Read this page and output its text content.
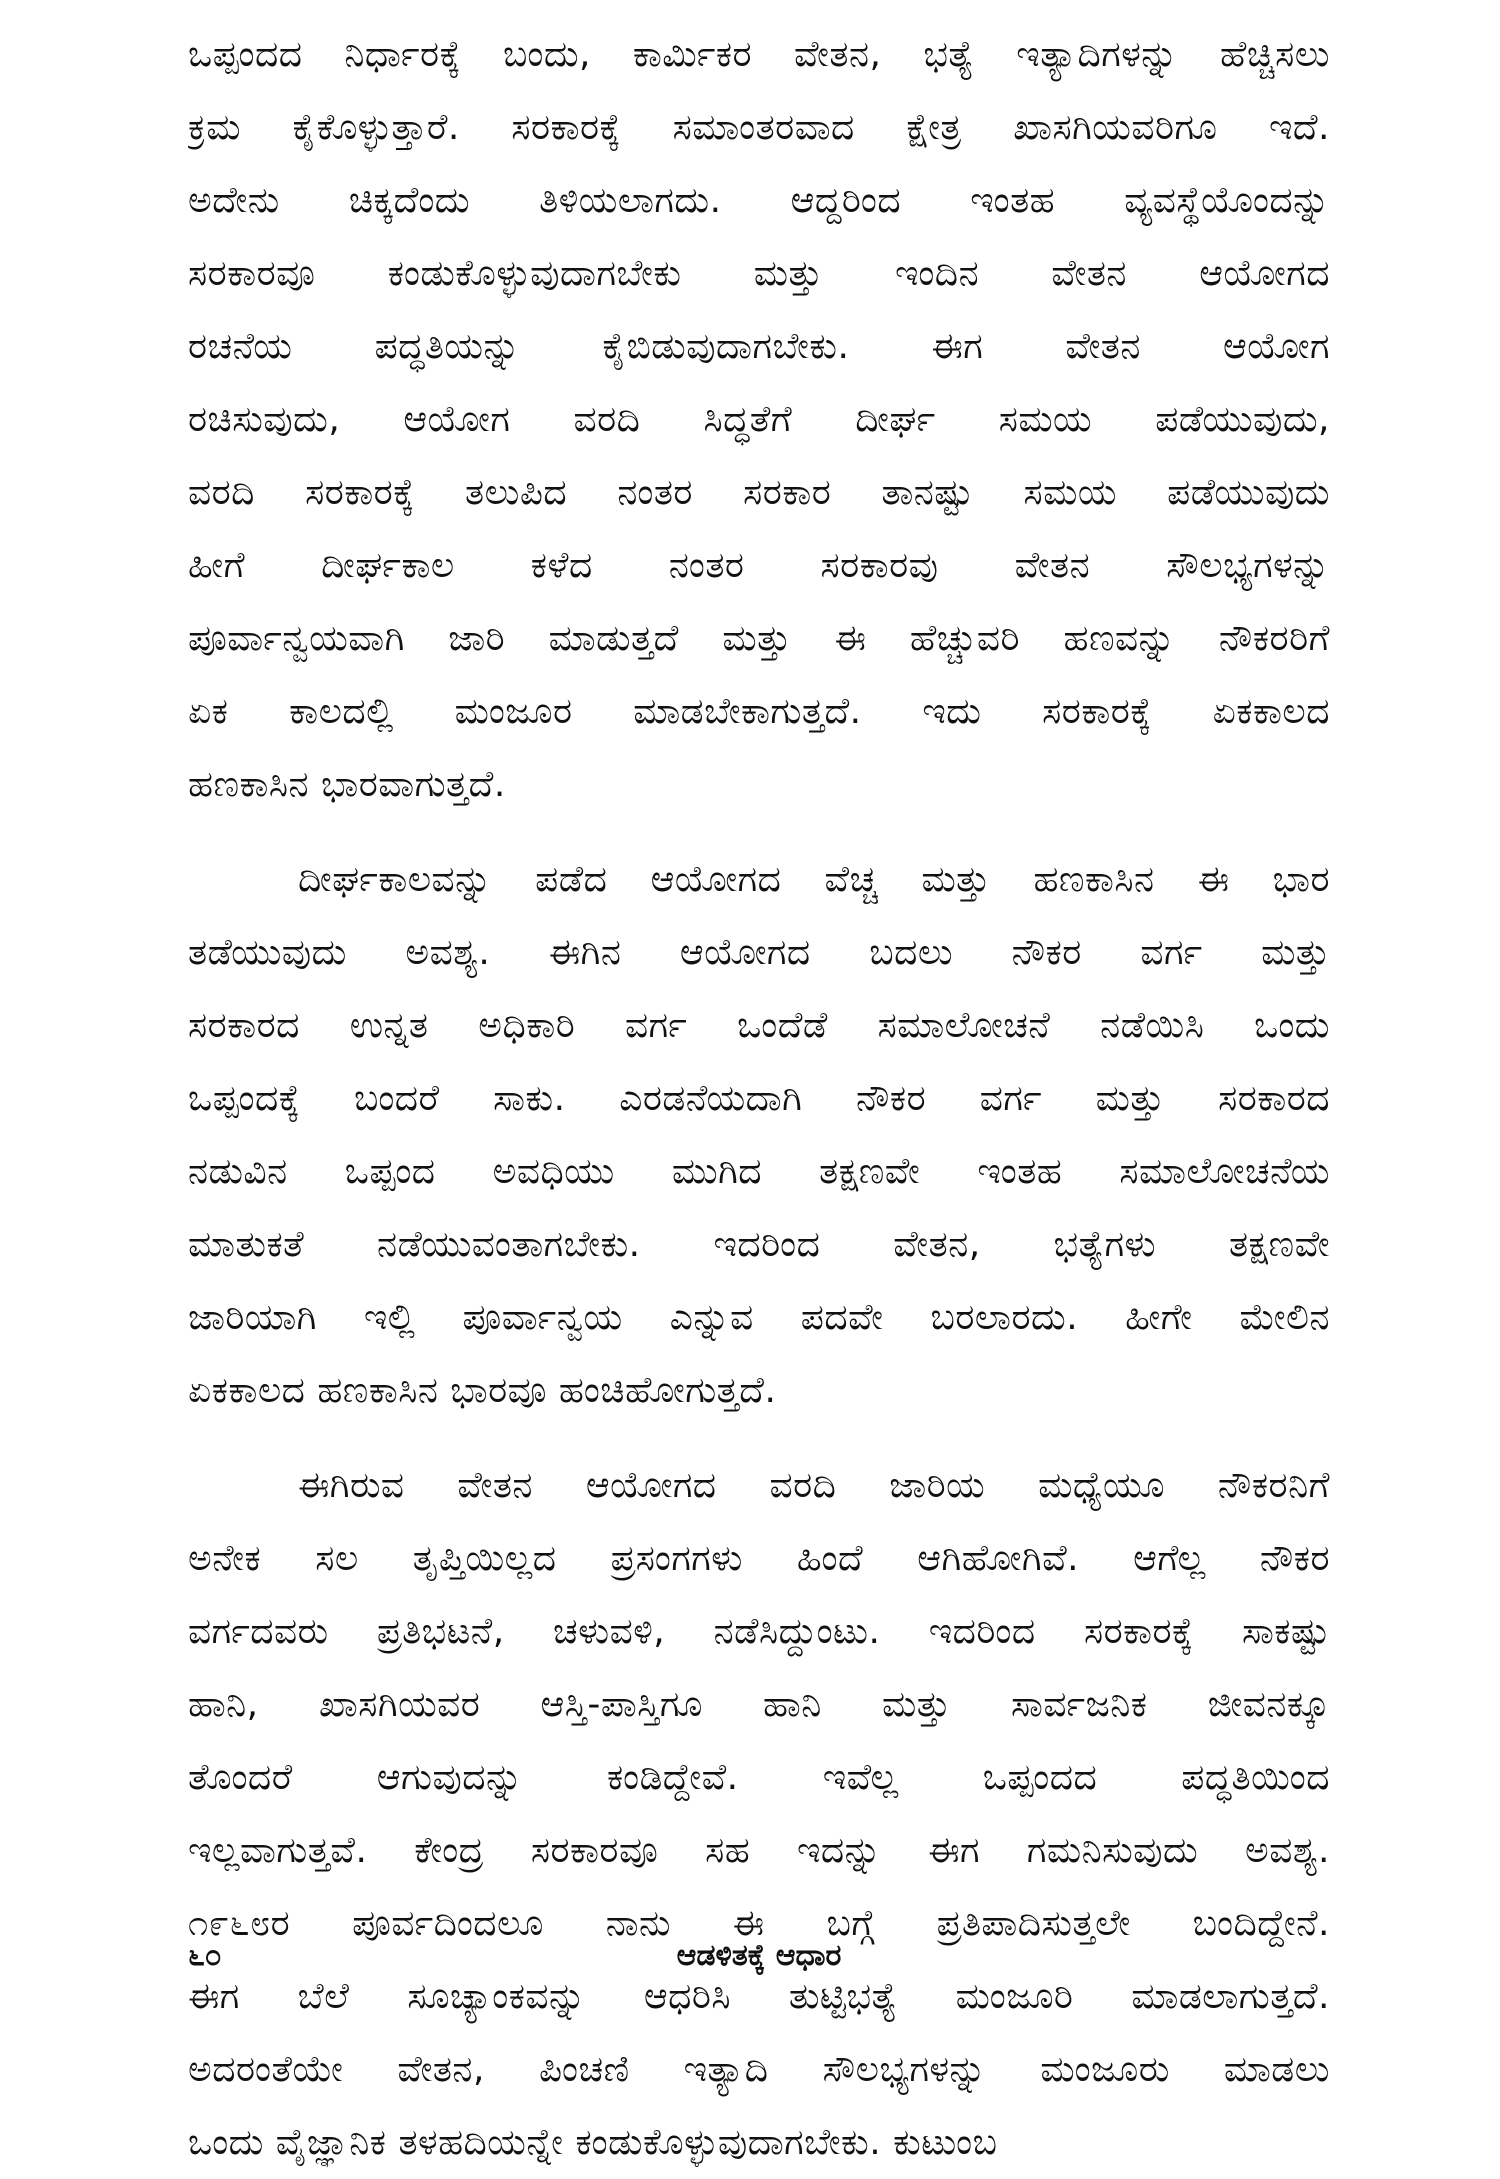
ಒಪ್ಪಂದದ ನಿರ್ಧಾರಕ್ಕೆ ಬಂದು, ಕಾರ್ಮಿಕರ ವೇತನ, ಭತ್ಯೆ ಇತ್ಯಾದಿಗಳನ್ನು ಹೆಚ್ಚಿಸಲು
ಕ್ರಮ ಕೈಕೊಳ್ಳುತ್ತಾರೆ. ಸರಕಾರಕ್ಕೆ ಸಮಾಂತರವಾದ ಕ್ಷೇತ್ರ ಖಾಸಗಿಯವರಿಗೂ ಇದೆ.
ಅದೇನು ಚಿಕ್ಕದೆಂದು ತಿಳಿಯಲಾಗದು. ಆದ್ದರಿಂದ ಇಂತಹ ವ್ಯವಸ್ಥೆಯೊಂದನ್ನು
ಸರಕಾರವೂ ಕಂಡುಕೊಳ್ಳುವುದಾಗಬೇಕು ಮತ್ತು ಇಂದಿನ ವೇತನ ಆಯೋಗದ
ರಚನೆಯ ಪದ್ಧತಿಯನ್ನು ಕೈಬಿಡುವುದಾಗಬೇಕು. ಈಗ ವೇತನ ಆಯೋಗ
ರಚಿಸುವುದು, ಆಯೋಗ ವರದಿ ಸಿದ್ಧತೆಗೆ ದೀರ್ಘ ಸಮಯ ಪಡೆಯುವುದು,
ವರದಿ ಸರಕಾರಕ್ಕೆ ತಲುಪಿದ ನಂತರ ಸರಕಾರ ತಾನಷ್ಟು ಸಮಯ ಪಡೆಯುವುದು
ಹೀಗೆ ದೀರ್ಘಕಾಲ ಕಳೆದ ನಂತರ ಸರಕಾರವು ವೇತನ ಸೌಲಭ್ಯಗಳನ್ನು
ಪೂರ್ವಾನ್ವಯವಾಗಿ ಜಾರಿ ಮಾಡುತ್ತದೆ ಮತ್ತು ಈ ಹೆಚ್ಚುವರಿ ಹಣವನ್ನು ನೌಕರರಿಗೆ
ಏಕ ಕಾಲದಲ್ಲಿ ಮಂಜೂರ ಮಾಡಬೇಕಾಗುತ್ತದೆ. ಇದು ಸರಕಾರಕ್ಕೆ ಏಕಕಾಲದ
ಹಣಕಾಸಿನ ಭಾರವಾಗುತ್ತದೆ.

ದೀರ್ಘಕಾಲವನ್ನು ಪಡೆದ ಆಯೋಗದ ವೆಚ್ಚ ಮತ್ತು ಹಣಕಾಸಿನ ಈ ಭಾರ
ತಡೆಯುವುದು ಅವಶ್ಯ. ಈಗಿನ ಆಯೋಗದ ಬದಲು ನೌಕರ ವರ್ಗ ಮತ್ತು
ಸರಕಾರದ ಉನ್ನತ ಅಧಿಕಾರಿ ವರ್ಗ ಒಂದೆಡೆ ಸಮಾಲೋಚನೆ ನಡೆಯಿಸಿ ಒಂದು
ಒಪ್ಪಂದಕ್ಕೆ ಬಂದರೆ ಸಾಕು. ಎರಡನೆಯದಾಗಿ ನೌಕರ ವರ್ಗ ಮತ್ತು ಸರಕಾರದ
ನಡುವಿನ ಒಪ್ಪಂದ ಅವಧಿಯು ಮುಗಿದ ತಕ್ಷಣವೇ ಇಂತಹ ಸಮಾಲೋಚನೆಯ
ಮಾತುಕತೆ ನಡೆಯುವಂತಾಗಬೇಕು. ಇದರಿಂದ ವೇತನ, ಭತ್ಯೆಗಳು ತಕ್ಷಣವೇ
ಜಾರಿಯಾಗಿ ಇಲ್ಲಿ ಪೂರ್ವಾನ್ವಯ ಎನ್ನುವ ಪದವೇ ಬರಲಾರದು. ಹೀಗೇ ಮೇಲಿನ
ಏಕಕಾಲದ ಹಣಕಾಸಿನ ಭಾರವೂ ಹಂಚಿಹೋಗುತ್ತದೆ.

ಈಗಿರುವ ವೇತನ ಆಯೋಗದ ವರದಿ ಜಾರಿಯ ಮಧ್ಯೆಯೂ ನೌಕರನಿಗೆ
ಅನೇಕ ಸಲ ತೃಪ್ತಿಯಿಲ್ಲದ ಪ್ರಸಂಗಗಳು ಹಿಂದೆ ಆಗಿಹೋಗಿವೆ. ಆಗೆಲ್ಲ ನೌಕರ
ವರ್ಗದವರು ಪ್ರತಿಭಟನೆ, ಚಳುವಳಿ, ನಡೆಸಿದ್ದುಂಟು. ಇದರಿಂದ ಸರಕಾರಕ್ಕೆ ಸಾಕಷ್ಟು
ಹಾನಿ, ಖಾಸಗಿಯವರ ಆಸ್ತಿ-ಪಾಸ್ತಿಗೂ ಹಾನಿ ಮತ್ತು ಸಾರ್ವಜನಿಕ ಜೀವನಕ್ಕೂ
ತೊಂದರೆ ಆಗುವುದನ್ನು ಕಂಡಿದ್ದೇವೆ. ಇವೆಲ್ಲ ಒಪ್ಪಂದದ ಪದ್ಧತಿಯಿಂದ
ಇಲ್ಲವಾಗುತ್ತವೆ. ಕೇಂದ್ರ ಸರಕಾರವೂ ಸಹ ಇದನ್ನು ಈಗ ಗಮನಿಸುವುದು ಅವಶ್ಯ.
೧೯೬೮ರ ಪೂರ್ವದಿಂದಲೂ ನಾನು ಈ ಬಗ್ಗೆ ಪ್ರತಿಪಾದಿಸುತ್ತಲೇ ಬಂದಿದ್ದೇನೆ.
ಈಗ ಬೆಲೆ ಸೂಚ್ಯಾಂಕವನ್ನು ಆಧರಿಸಿ ತುಟ್ಟಿಭತ್ಯೆ ಮಂಜೂರಿ ಮಾಡಲಾಗುತ್ತದೆ.
ಅದರಂತೆಯೇ ವೇತನ, ಪಿಂಚಣಿ ಇತ್ಯಾದಿ ಸೌಲಭ್ಯಗಳನ್ನು ಮಂಜೂರು ಮಾಡಲು
ಒಂದು ವೈಜ್ಞಾನಿಕ ತಳಹದಿಯನ್ನೇ ಕಂಡುಕೊಳ್ಳುವುದಾಗಬೇಕು. ಕುಟುಂಬ

೬೦	ಆಡಳಿತಕ್ಕೆ ಆಧಾರ
